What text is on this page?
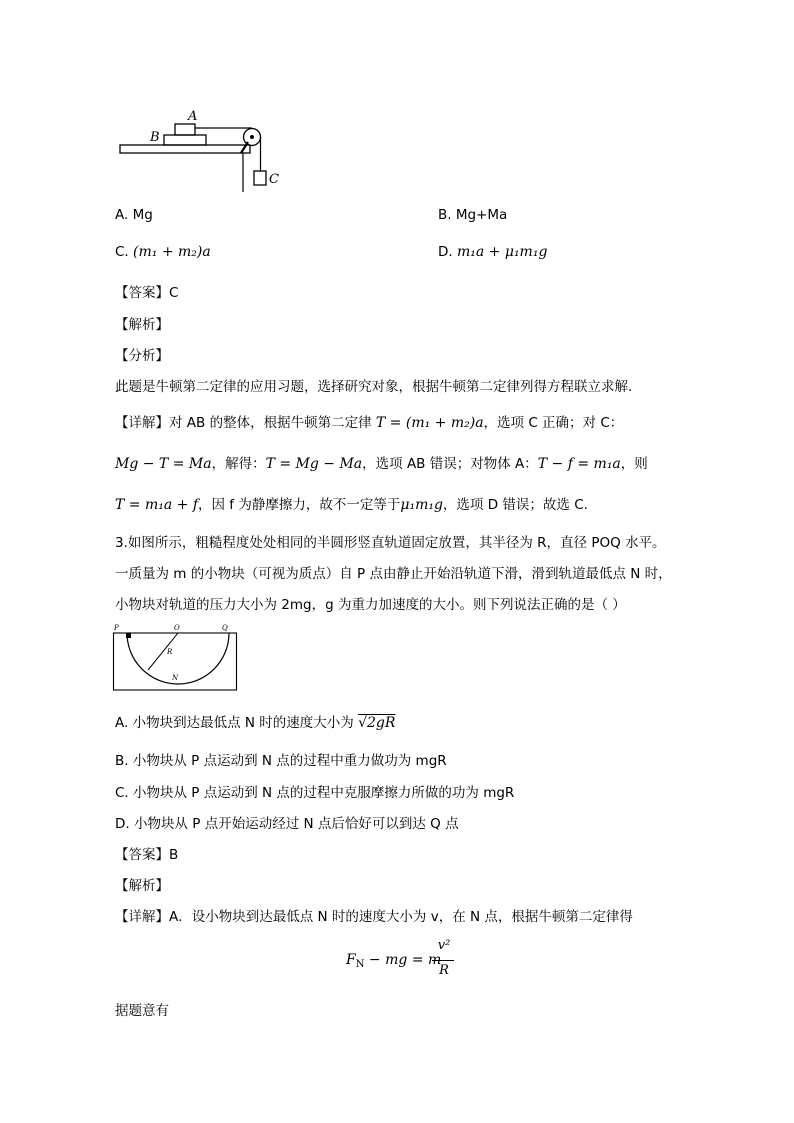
A
B
C
A. Mg	B. Mg+Ma
C. (m₁ + m₂)a	D. m₁a + μ₁m₁g
【答案】C
【解析】
【分析】
此题是牛顿第二定律的应用习题，选择研究对象，根据牛顿第二定律列得方程联立求解.
【详解】对 AB 的整体，根据牛顿第二定律 T = (m₁ + m₂)a，选项 C 正确；对 C：
Mg − T = Ma，解得：T = Mg − Ma，选项 AB 错误；对物体 A：T − f = m₁a，则
T = m₁a + f，因 f 为静摩擦力，故不一定等于μ₁m₁g，选项 D 错误；故选 C.
3.如图所示，粗糙程度处处相同的半圆形竖直轨道固定放置，其半径为 R，直径 POQ 水平。
一质量为 m 的小物块（可视为质点）自 P 点由静止开始沿轨道下滑，滑到轨道最低点 N 时，
小物块对轨道的压力大小为 2mg，g 为重力加速度的大小。则下列说法正确的是（ ）
P	O	Q
R
N
A. 小物块到达最低点 N 时的速度大小为 √2gR
B. 小物块从 P 点运动到 N 点的过程中重力做功为 mgR
C. 小物块从 P 点运动到 N 点的过程中克服摩擦力所做的功为 mgR
D. 小物块从 P 点开始运动经过 N 点后恰好可以到达 Q 点
【答案】B
【解析】
【详解】A．设小物块到达最低点 N 时的速度大小为 v，在 N 点，根据牛顿第二定律得
$F_N$ − mg = m
v²
R
据题意有
